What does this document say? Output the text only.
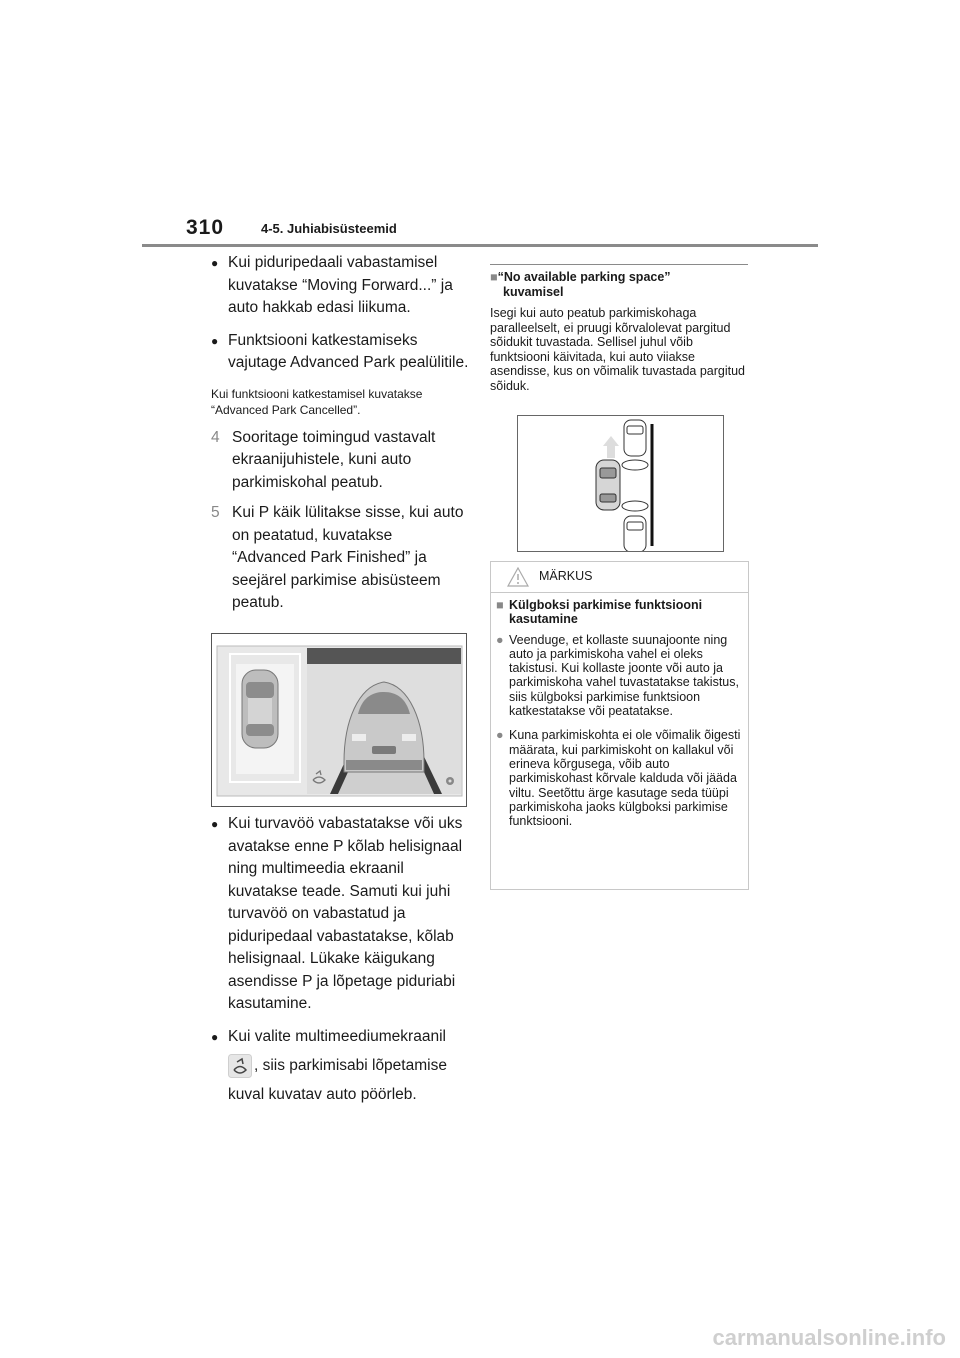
310	4-5. Juhiabisüsteemid
● Kui piduripedaali vabastamisel kuvatakse “Moving Forward...” ja auto hakkab edasi liikuma.
● Funktsiooni katkestamiseks vajutage Advanced Park pealülitile.
Kui funktsiooni katkestamisel kuvatakse “Advanced Park Cancelled”.
4 Sooritage toimingud vastavalt ekraanijuhistele, kuni auto parkimiskohal peatub.
5 Kui P käik lülitakse sisse, kui auto on peatatud, kuvatakse “Advanced Park Finished” ja seejärel parkimise abisüsteem peatub.
● Kui turvavöö vabastatakse või uks avatakse enne P kõlab helisignaal ning multimeedia ekraanil kuvatakse teade. Samuti kui juhi turvavöö on vabastatud ja piduripedaal vabastatakse, kõlab helisignaal. Lükake käigukang asendisse P ja lõpetage piduriabi kasutamine.
● Kui valite multimeediumekraanil
, siis parkimisabi lõpetamise
kuval kuvatav auto pöörleb.
■“No available parking space”
kuvamisel
Isegi kui auto peatub parkimiskohaga paralleelselt, ei pruugi kõrvalolevat pargitud sõidukit tuvastada. Sellisel juhul võib funktsiooni käivitada, kui auto viiakse asendisse, kus on võimalik tuvastada pargitud sõiduk.
MÄRKUS
■ Külgboksi parkimise funktsiooni
kasutamine
● Veenduge, et kollaste suunajoonte ning auto ja parkimiskoha vahel ei oleks takistusi. Kui kollaste joonte või auto ja parkimiskoha vahel tuvastatakse takistus, siis külgboksi parkimise funktsioon katkestatakse või peatatakse.
● Kuna parkimiskohta ei ole võimalik õigesti määrata, kui parkimiskoht on kallakul või erineva kõrgusega, võib auto parkimiskohast kõrvale kalduda või jääda viltu. Seetõttu ärge kasutage seda tüüpi parkimiskoha jaoks külgboksi parkimise funktsiooni.
carmanualsonline.info
